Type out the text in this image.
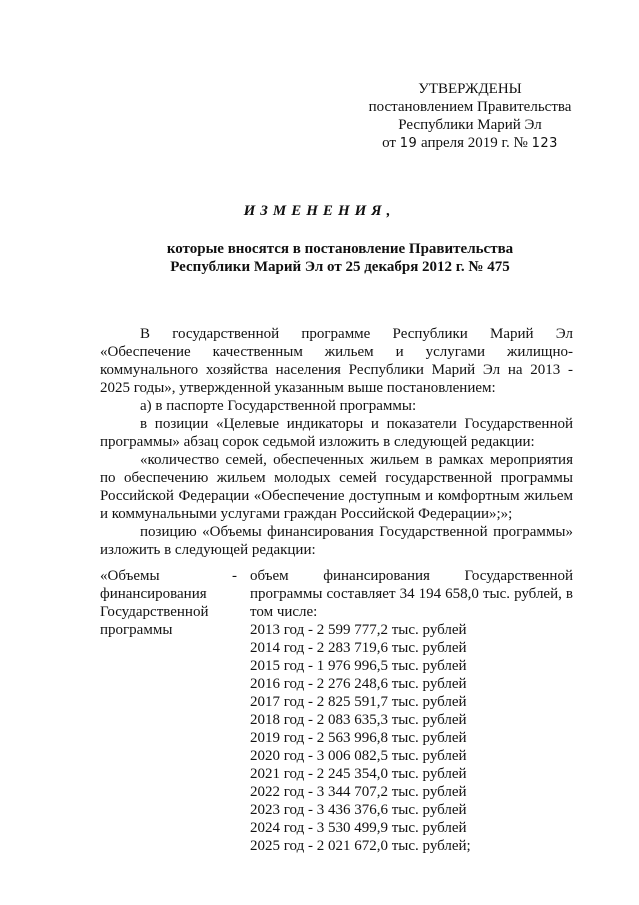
УТВЕРЖДЕНЫ
постановлением Правительства
Республики Марий Эл
от 19 апреля 2019 г. № 123
ИЗМЕНЕНИЯ,
которые вносятся в постановление Правительства
Республики Марий Эл от 25 декабря 2012 г. № 475

В государственной программе Республики Марий Эл «Обеспечение качественным жильем и услугами жилищно-коммунального хозяйства населения Республики Марий Эл на 2013 - 2025 годы», утвержденной указанным выше постановлением:

а) в паспорте Государственной программы:

в позиции «Целевые индикаторы и показатели Государственной программы» абзац сорок седьмой изложить в следующей редакции:

«количество семей, обеспеченных жильем в рамках мероприятия по обеспечению жильем молодых семей государственной программы Российской Федерации «Обеспечение доступным и комфортным жильем и коммунальными услугами граждан Российской Федерации»;»;

позицию «Объемы финансирования Государственной программы» изложить в следующей редакции:

«Объемы
финансирования
Государственной
программы
- объем финансирования Государственной программы составляет 34 194 658,0 тыс. рублей, в том числе:

2013 год - 2 599 777,2 тыс. рублей
2014 год - 2 283 719,6 тыс. рублей
2015 год - 1 976 996,5 тыс. рублей
2016 год - 2 276 248,6 тыс. рублей
2017 год - 2 825 591,7 тыс. рублей
2018 год - 2 083 635,3 тыс. рублей
2019 год - 2 563 996,8 тыс. рублей
2020 год - 3 006 082,5 тыс. рублей
2021 год - 2 245 354,0 тыс. рублей
2022 год - 3 344 707,2 тыс. рублей
2023 год - 3 436 376,6 тыс. рублей
2024 год - 3 530 499,9 тыс. рублей
2025 год - 2 021 672,0 тыс. рублей;
